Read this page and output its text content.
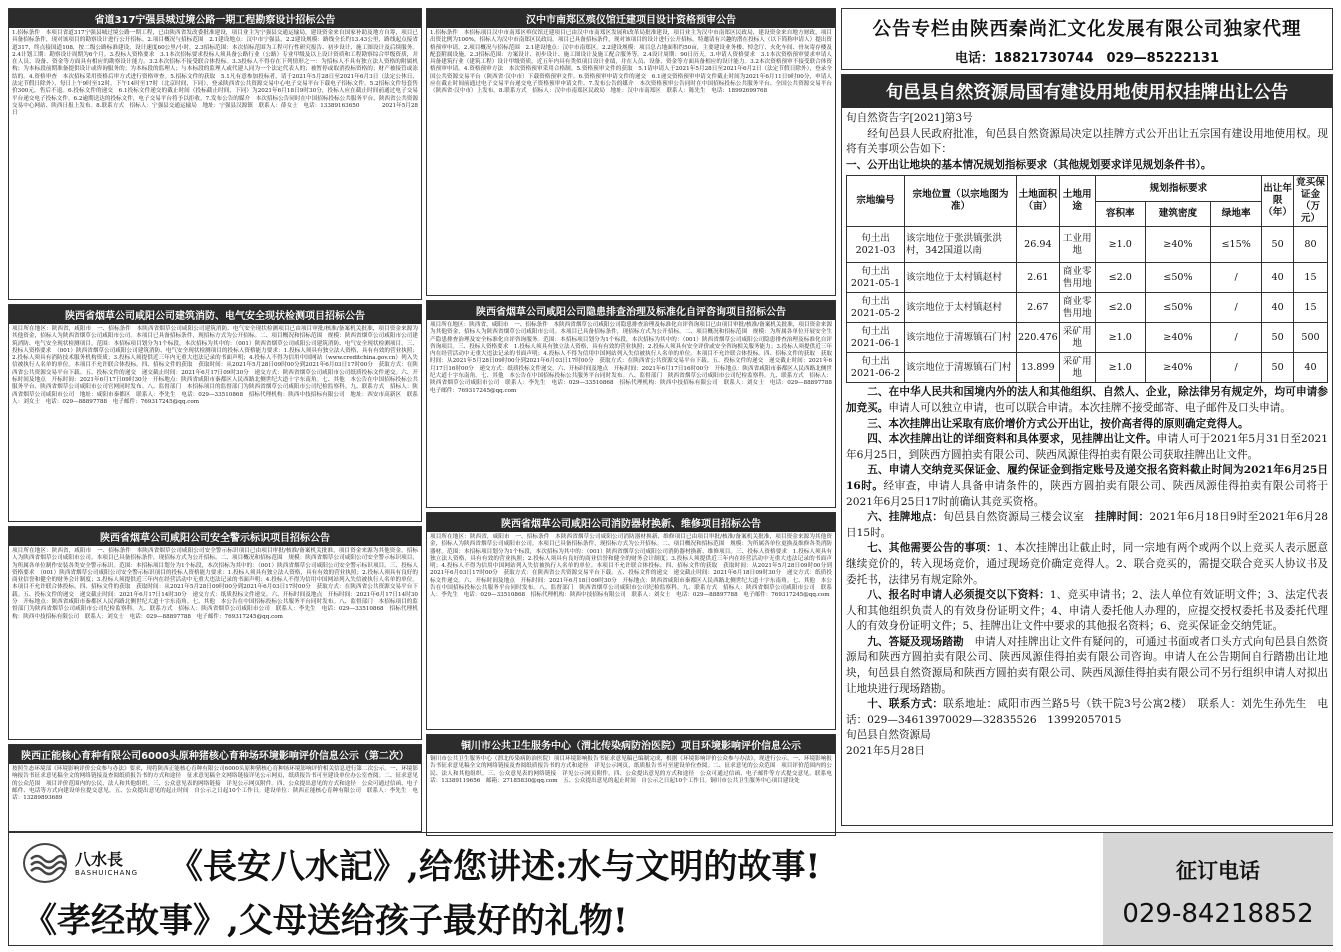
省道317宁强县城过境公路一期工程勘察设计招标公告
1.招标条件　本项目省道317宁强县城过境公路一期工程，已由陕西省发改委批准建设，项目业主为宁强县交通运输局，建设资金来自国家补助及地方自筹，项目已具备招标条件，现对该项目的勘察设计进行公开招标。2.项目概况与招标范围　2.1建设地点：汉中市宁强县。2.2建设规模：路线全长约13.43公里，路线起点接省道317，终点接国道108，按二级公路标准建设，设计速度60公里/小时。2.3招标范围：本次招标范围为工程可行性研究报告、初步设计、施工图设计及后续服务。2.4计划工期：勘察设计周期为6个月。3.投标人资格要求　3.1本次招标要求投标人须具备公路行业（公路）专业甲级及以上设计资质和工程勘察综合甲级资质，并在人员、设备、资金等方面具有相应的勘察设计能力。3.2本次招标不接受联合体投标。3.3投标人不得存在下列情形之一：为招标人不具有独立法人资格的附属机构；为本标段前期准备提供设计或咨询服务的；为本标段的监理人；与本标段的监理人或代建人同为一个法定代表人的；被暂停或取消投标资格的；财产被接管或冻结的。4.资格审查　本次招标采用资格后审方式进行资格审查。5.招标文件的获取　5.1凡有意参加投标者，请于2021年5月28日至2021年6月3日（法定公休日、法定节假日除外），每日上午9时至12时，下午14时至17时（北京时间，下同），登录陕西省公共资源交易中心电子交易平台下载电子招标文件。5.2招标文件每套售价300元，售后不退。6.投标文件的递交　6.1投标文件递交的截止时间（投标截止时间，下同）为2021年6月18日9时30分，投标人应在截止时间前通过电子交易平台递交电子投标文件。6.2逾期送达的投标文件，电子交易平台将予以拒收。7.发布公告的媒介　本次招标公告同时在中国招标投标公共服务平台、陕西省公共资源交易中心网站、陕西日报上发布。8.联系方式　招标人：宁强县交通运输局　地址：宁强县汉源镇　联系人：薛女士　电话：13389163650　　　　2021年5月28日
陕西省烟草公司咸阳公司建筑消防、电气安全现状检测项目招标公告
项目所在地区：陕西省，咸阳市　一、招标条件　本陕西省烟草公司咸阳公司建筑消防、电气安全现状检测项目已由项目审批/核准/备案机关批准，项目资金来源为其他资金，招标人为陕西省烟草公司咸阳市公司。本项目已具备招标条件，现招标方式为公开招标。二、项目概况和招标范围　规模：陕西省烟草公司咸阳市公司建筑消防、电气安全现状检测项目。范围：本招标项目划分为1个标段，本次招标为其中的：（001）陕西省烟草公司咸阳公司建筑消防、电气安全现状检测项目。三、投标人资格要求　（001）陕西省烟草公司咸阳公司建筑消防、电气安全现状检测项目的投标人资格能力要求：1.投标人须具有独立法人资格，具有有效的营业执照；2.投标人须具有消防技术服务机构资质；3.投标人须提供近三年内无重大违法记录的书面声明；4.投标人不得为信用中国网站（www.creditchina.gov.cn）列入失信被执行人名单的单位。本项目不允许联合体投标。四、招标文件的获取　获取时间：从2021年5月28日09时00分到2021年6月03日17时00分　获取方式：在陕西省公共资源交易平台下载。五、投标文件的递交　递交截止时间：2021年6月17日09时30分　递交方式：陕西省烟草公司咸阳市公司纸质投标文件递交。六、开标时间及地点　开标时间：2021年6月17日09时30分　开标地点：陕西省咸阳市秦都区人民西路北侧世纪大道十字东南角。七、其他　本公告在中国招标投标公共服务平台、陕西省烟草公司咸阳市公司官网同时发布。八、监督部门　本招标项目的监督部门为陕西省烟草公司咸阳市公司纪检监察科。九、联系方式　招标人：陕西省烟草公司咸阳市公司　地址：咸阳市秦都区　联系人：李先生　电话：029—33510868　招标代理机构：陕西中技招标有限公司　地址：西安市高新区　联系人：刘女士　电话：029—88897788　电子邮件：769317245@qq.com
陕西省烟草公司咸阳公司安全警示标识项目招标公告
项目所在地区：陕西省，咸阳市　一、招标条件　本陕西省烟草公司咸阳公司安全警示标识项目已由项目审批/核准/备案机关批准，项目资金来源为其他资金，招标人为陕西省烟草公司咸阳市公司。本项目已具备招标条件，现招标方式为公开招标。二、项目概况和招标范围　规模：陕西省烟草公司咸阳公司安全警示标识项目，为所属各单位制作安装各类安全警示标识。范围：本招标项目划分为1个标段，本次招标为其中的：（001）陕西省烟草公司咸阳公司安全警示标识项目。三、投标人资格要求　（001）陕西省烟草公司咸阳公司安全警示标识项目的投标人资格能力要求：1.投标人须具有独立法人资格，具有有效的营业执照；2.投标人须具有良好的商业信誉和健全的财务会计制度；3.投标人须提供近三年内在经营活动中无重大违法记录的书面声明；4.投标人不得为信用中国网站列入失信被执行人名单的单位。本项目不允许联合体投标。四、招标文件的获取　获取时间：从2021年5月28日09时00分到2021年6月03日17时00分　获取方式：在陕西省公共资源交易平台下载。五、投标文件的递交　递交截止时间：2021年6月17日14时30分　递交方式：纸质投标文件递交。六、开标时间及地点　开标时间：2021年6月17日14时30分　开标地点：陕西省咸阳市秦都区人民西路北侧世纪大道十字东南角。七、其他　本公告在中国招标投标公共服务平台同时发布。八、监督部门　本招标项目的监督部门为陕西省烟草公司咸阳市公司纪检监察科。九、联系方式　招标人：陕西省烟草公司咸阳市公司　联系人：李先生　电话：029—33510868　招标代理机构：陕西中技招标有限公司　联系人：刘女士　电话：029—88897788　电子邮件：769317245@qq.com
陕西正能核心育种有限公司6000头原种猪核心育种场环境影响评价信息公示（第二次）
按照生态环境部《环境影响评价公众参与办法》要求，现将陕西正能核心育种有限公司6000头原种猪核心育种场环境影响评价相关信息进行第二次公示。一、环境影响报告书征求意见稿全文的网络链接及查阅纸质报告书的方式和途径　征求意见稿全文网络链接详见公示网页，纸质报告书可至建设单位办公室查阅。二、征求意见的公众范围　项目评价范围内的公民、法人和其他组织。三、公众意见表的网络链接　详见公示网页附件。四、公众提出意见的方式和途径　公众可通过信函、电子邮件、电话等方式向建设单位提交意见。五、公众提出意见的起止时间　自公示之日起10个工作日。建设单位：陕西正能核心育种有限公司　联系人：李先生　电话：13289893689
汉中市南郑区殡仪馆迁建项目设计资格预审公告
1.招标条件　本招标项目汉中市南郑区殡仪馆迁建项目已由汉中市南郑区发展和改革局批准建设，项目业主为汉中市南郑区民政局，建设资金来自地方财政，项目出资比例为100%，招标人为汉中市南郑区民政局。项目已具备招标条件，现对该项目的设计进行公开招标，特邀请有兴趣的潜在投标人（以下简称申请人）提出资格预审申请。2.项目概况与招标范围　2.1建设地点：汉中市南郑区。2.2建设规模：项目总占地面积约50亩，主要建设业务楼、悼念厅、火化车间、骨灰寄存楼及配套附属设施。2.3招标范围：方案设计、初步设计、施工图设计及施工配合服务等。2.4设计周期：90日历天。3.申请人资格要求　3.1本次资格预审要求申请人具备建筑行业（建筑工程）设计甲级资质，近五年内具有类似项目设计业绩，并在人员、设备、资金等方面具备相应的设计能力。3.2本次资格预审不接受联合体资格预审申请。4.资格预审方法　本次资格预审采用合格制。5.资格预审文件的获取　5.1请申请人于2021年5月28日至2021年6月2日（法定节假日除外），登录全国公共资源交易平台（陕西省·汉中市）下载资格预审文件。6.资格预审申请文件的递交　6.1递交资格预审申请文件截止时间为2021年6月11日9时00分，申请人应在截止时间前通过电子交易平台递交电子资格预审申请文件。7.发布公告的媒介　本次资格预审公告同时在中国招标投标公共服务平台、全国公共资源交易平台（陕西省·汉中市）上发布。8.联系方式　招标人：汉中市南郑区民政局　地址：汉中市南郑区　联系人：陈先生　电话：18992699768
陕西省烟草公司咸阳公司隐患排查治理及标准化自评咨询项目招标公告
项目所在地区：陕西省，咸阳市　一、招标条件　本陕西省烟草公司咸阳公司隐患排查治理及标准化自评咨询项目已由项目审批/核准/备案机关批准，项目资金来源为其他资金，招标人为陕西省烟草公司咸阳市公司。本项目已具备招标条件，现招标方式为公开招标。二、项目概况和招标范围　规模：为所属各单位开展安全生产隐患排查治理及安全标准化自评咨询服务。范围：本招标项目划分为1个标段，本次招标为其中的：（001）陕西省烟草公司咸阳公司隐患排查治理及标准化自评咨询项目。三、投标人资格要求　1.投标人须具有独立法人资格，具有有效的营业执照；2.投标人须具有安全评价或安全咨询相关服务能力；3.投标人须提供近三年内在经营活动中无重大违法记录的书面声明；4.投标人不得为信用中国网站列入失信被执行人名单的单位。本项目不允许联合体投标。四、招标文件的获取　获取时间：从2021年5月28日09时00分到2021年6月03日17时00分　获取方式：在陕西省公共资源交易平台下载。五、投标文件的递交　递交截止时间：2021年6月17日16时00分　递交方式：纸质投标文件递交。六、开标时间及地点　开标时间：2021年6月17日16时00分　开标地点：陕西省咸阳市秦都区人民西路北侧世纪大道十字东南角。七、其他　本公告在中国招标投标公共服务平台同时发布。八、监督部门　陕西省烟草公司咸阳市公司纪检监察科。九、联系方式　招标人：陕西省烟草公司咸阳市公司　联系人：李先生　电话：029—33510868　招标代理机构：陕西中技招标有限公司　联系人：刘女士　电话：029—88897788　电子邮件：769317245@qq.com
陕西省烟草公司咸阳公司消防器材换新、维修项目招标公告
项目所在地区：陕西省，咸阳市　一、招标条件　本陕西省烟草公司咸阳公司消防器材换新、维修项目已由项目审批/核准/备案机关批准，项目资金来源为其他资金，招标人为陕西省烟草公司咸阳市公司。本项目已具备招标条件，现招标方式为公开招标。二、项目概况和招标范围　规模：为所属各单位更换及维修各类消防器材。范围：本招标项目划分为1个标段，本次招标为其中的：（001）陕西省烟草公司咸阳公司消防器材换新、维修项目。三、投标人资格要求　1.投标人须具有独立法人资格，具有有效的营业执照；2.投标人须具有良好的商业信誉和健全的财务会计制度；3.投标人须提供近三年内在经营活动中无重大违法记录的书面声明；4.投标人不得为信用中国网站列入失信被执行人名单的单位。本项目不允许联合体投标。四、招标文件的获取　获取时间：从2021年5月28日09时00分到2021年6月03日17时00分　获取方式：在陕西省公共资源交易平台下载。五、投标文件的递交　递交截止时间：2021年6月18日09时30分　递交方式：纸质投标文件递交。六、开标时间及地点　开标时间：2021年6月18日09时30分　开标地点：陕西省咸阳市秦都区人民西路北侧世纪大道十字东南角。七、其他　本公告在中国招标投标公共服务平台同时发布。八、监督部门　陕西省烟草公司咸阳市公司纪检监察科。九、联系方式　招标人：陕西省烟草公司咸阳市公司　联系人：李先生　电话：029—33510868　招标代理机构：陕西中技招标有限公司　联系人：刘女士　电话：029—88897788　电子邮件：769317245@qq.com
铜川市公共卫生服务中心（渭北传染病防治医院）项目环境影响评价信息公示
铜川市公共卫生服务中心（渭北传染病防治医院）项目环境影响报告书征求意见稿已编制完成，根据《环境影响评价公众参与办法》，现进行公示。一、环境影响报告书征求意见稿全文的网络链接及查阅纸质报告书的方式和途径　详见公示网页，纸质报告书可至建设单位查阅。二、征求意见的公众范围　项目评价范围内的公民、法人和其他组织。三、公众意见表的网络链接　详见公示网页附件。四、公众提出意见的方式和途径　公众可通过信函、电子邮件等方式提交意见。联系电话：13389119656　邮箱：27185830@qq.com　五、公众提出意见的起止时间　自公示之日起10个工作日。铜川市公共卫生服务中心项目建设处
公告专栏由陕西秦尚汇文化发展有限公司独家代理
电话：18821730744　029—85222131
旬邑县自然资源局国有建设用地使用权挂牌出让公告

旬自然资告字[2021]第3号

经旬邑县人民政府批准，旬邑县自然资源局决定以挂牌方式公开出让五宗国有建设用地使用权。现将有关事项公告如下：

一、公开出让地块的基本情况规划指标要求（其他规划要求详见规划条件书）。

宗地编号	宗地位置（以宗地图为准）	土地面积（亩）	土地用途	规划指标要求			出让年限（年）	竞买保证金（万元）
				容积率	建筑密度	绿地率		
旬土出2021-03	该宗地位于张洪镇张洪村，342国道以南	26.94	工业用地	≥1.0	≥40%	≤15%	50	80
旬土出2021-05-1	该宗地位于太村镇赵村	2.61	商业零售用地	≤2.0	≤50%	/	40	15
旬土出2021-05-2	该宗地位于太村镇赵村	2.67	商业零售用地	≤2.0	≤50%	/	40	15
旬土出2021-06-1	该宗地位于清塬镇石门村	220.476	采矿用地	≥1.0	≥40%	/	50	500
旬土出2021-06-2	该宗地位于清塬镇石门村	13.899	采矿用地	≥1.0	≥40%	/	50	40

二、在中华人民共和国境内外的法人和其他组织、自然人、企业，除法律另有规定外，均可申请参加竞买。申请人可以独立申请，也可以联合申请。本次挂牌不接受邮寄、电子邮件及口头申请。

三、本次挂牌出让采取有底价增价方式公开出让，按价高者得的原则确定竞得人。

四、本次挂牌出让的详细资料和具体要求，见挂牌出让文件。申请人可于2021年5月31日至2021年6月25日，到陕西方圆拍卖有限公司、陕西凤源佳得拍卖有限公司获取挂牌出让文件。

五、申请人交纳竞买保证金、履约保证金到指定账号及递交报名资料截止时间为2021年6月25日16时。经审查，申请人具备申请条件的，陕西方圆拍卖有限公司、陕西凤源佳得拍卖有限公司将于2021年6月25日17时前确认其竞买资格。

六、挂牌地点：旬邑县自然资源局三楼会议室　 挂牌时间：2021年6月18日9时至2021年6月28日15时。

七、其他需要公告的事项：1、本次挂牌出让截止时，同一宗地有两个或两个以上竞买人表示愿意继续竞价的，转入现场竞价，通过现场竞价确定竞得人。2、联合竞买的，需提交联合竞买人协议书及委托书，法律另有规定除外。

八、报名时申请人必须提交以下资料：1、竞买申请书；2、法人单位有效证明文件；3、法定代表人和其他组织负责人的有效身份证明文件；4、申请人委托他人办理的，应提交授权委托书及委托代理人的有效身份证明文件；5、挂牌出让文件中要求的其他报名资料；6、竞买保证金交纳凭证。

九、答疑及现场踏勘　 申请人对挂牌出让文件有疑问的，可通过书面或者口头方式向旬邑县自然资源局和陕西方圆拍卖有限公司、陕西凤源佳得拍卖有限公司咨询。申请人在公告期间自行踏勘出让地块，旬邑县自然资源局和陕西方圆拍卖有限公司、陕西凤源佳得拍卖有限公司不另行组织申请人对拟出让地块进行现场踏勘。

十、联系方式：联系地址：咸阳市西兰路5号（铁干院3号公寓2楼）　联系人：刘先生孙先生　电话：029—34613970029—32835526　13992057015

旬邑县自然资源局

2021年5月28日

八水長
BASHUICHANG 《長安八水記》,给您讲述:水与文明的故事!
《孝经故事》,父母送给孩子最好的礼物!
征订电话
029-84218852
